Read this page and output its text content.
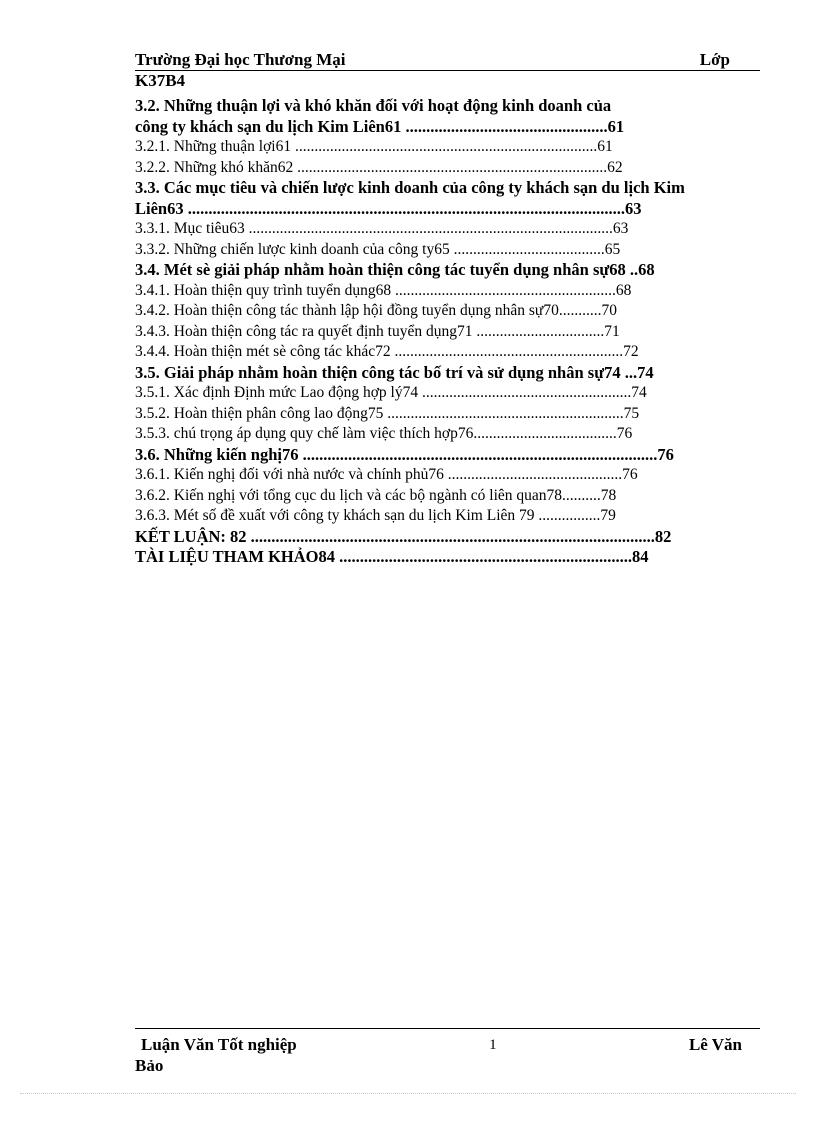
Trường Đại học Thương Mại	Lớp
K37B4
3.2. Những thuận lợi và khó khăn đối với hoạt động kinh doanh của
công ty khách sạn du lịch Kim Liên61 .................................................61
3.2.1. Những thuận lợi61 ..............................................................................61
3.2.2. Những khó khăn62 ................................................................................62
3.3. Các mục tiêu và chiến lược kinh doanh của công ty khách sạn du lịch Kim
Liên63 ..........................................................................................................63
3.3.1. Mục tiêu63 ..............................................................................................63
3.3.2. Những chiến lược kinh doanh của công ty65 .......................................65
3.4. Mét sè giải pháp nhằm hoàn thiện công tác tuyển dụng nhân sự68 ..68
3.4.1. Hoàn thiện quy trình tuyển dụng68 .........................................................68
3.4.2. Hoàn thiện công tác thành lập hội đồng tuyển dụng nhân sự70...........70
3.4.3. Hoàn thiện công tác ra quyết định tuyển dụng71 .................................71
3.4.4. Hoàn thiện mét sè công tác khác72 ...........................................................72
3.5. Giải pháp nhằm hoàn thiện công tác bố trí và sử dụng nhân sự74 ...74
3.5.1. Xác định Định mức Lao động hợp lý74 ......................................................74
3.5.2. Hoàn thiện phân công lao động75 .............................................................75
3.5.3. chú trọng áp dụng quy chế làm việc thích hợp76.....................................76
3.6. Những kiến nghị76 ......................................................................................76
3.6.1. Kiến nghị đối với nhà nước và chính phủ76 .............................................76
3.6.2. Kiến nghị với tổng cục du lịch và các bộ ngành có liên quan78..........78
3.6.3. Mét số đề xuất với công ty khách sạn du lịch Kim Liên 79 ................79
KẾT LUẬN: 82 ..................................................................................................82
TÀI LIỆU THAM KHẢO84 .......................................................................84
Luận Văn Tốt nghiệp	1	Lê Văn
Bảo
